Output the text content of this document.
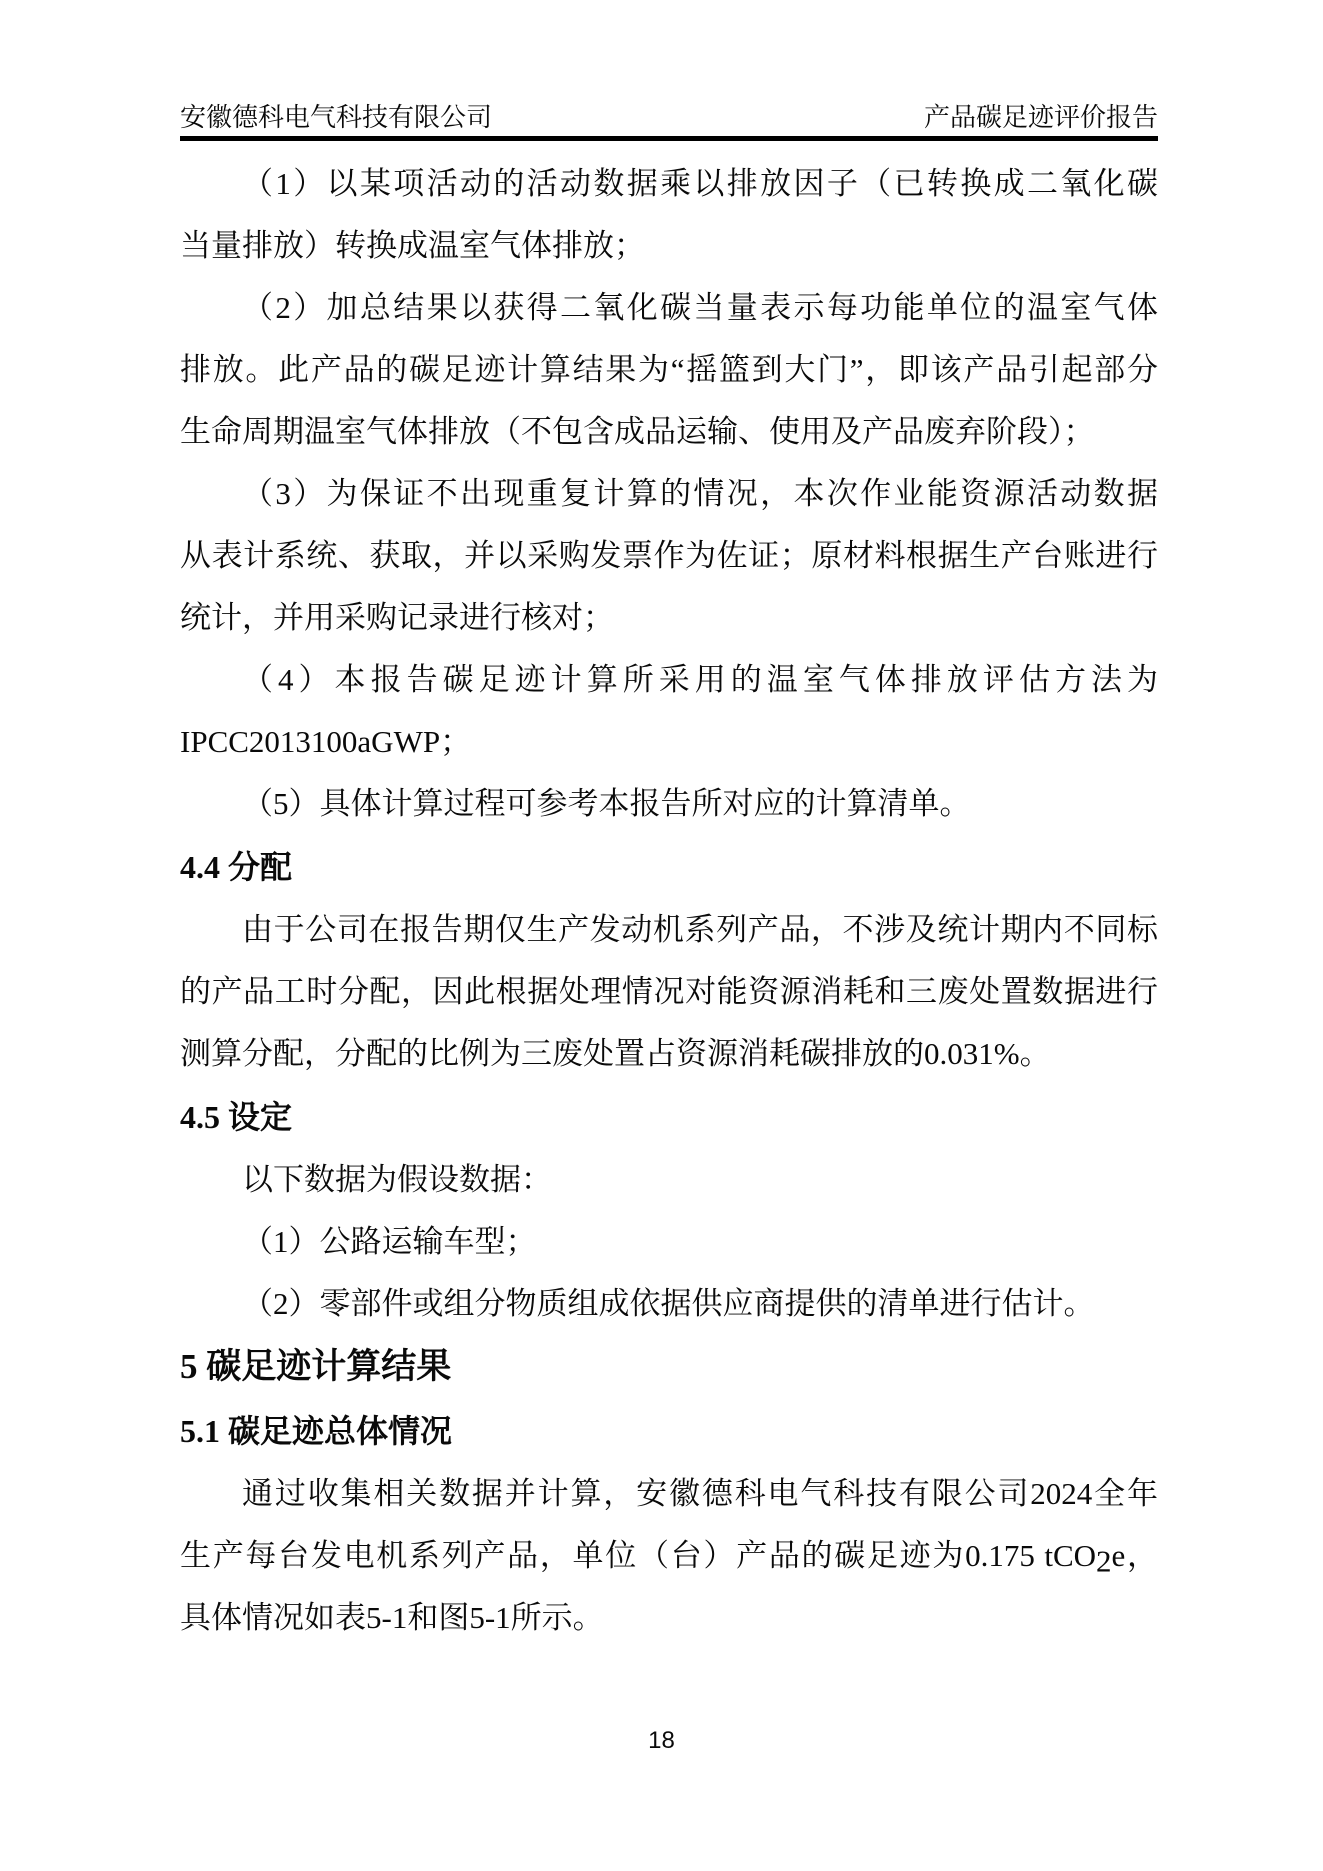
安徽德科电气科技有限公司	产品碳足迹评价报告
（1）以某项活动的活动数据乘以排放因子（已转换成二氧化碳
当量排放）转换成温室气体排放；
（2）加总结果以获得二氧化碳当量表示每功能单位的温室气体
排放。此产品的碳足迹计算结果为“摇篮到大门”，即该产品引起部分
生命周期温室气体排放（不包含成品运输、使用及产品废弃阶段）；
（3）为保证不出现重复计算的情况，本次作业能资源活动数据
从表计系统、获取，并以采购发票作为佐证；原材料根据生产台账进行
统计，并用采购记录进行核对；
（4）本报告碳足迹计算所采用的温室气体排放评估方法为
IPCC2013100aGWP；
（5）具体计算过程可参考本报告所对应的计算清单。
4.4 分配
由于公司在报告期仅生产发动机系列产品，不涉及统计期内不同标
的产品工时分配，因此根据处理情况对能资源消耗和三废处置数据进行
测算分配，分配的比例为三废处置占资源消耗碳排放的0.031%。
4.5 设定
以下数据为假设数据：
（1）公路运输车型；
（2）零部件或组分物质组成依据供应商提供的清单进行估计。
5 碳足迹计算结果
5.1 碳足迹总体情况
通过收集相关数据并计算，安徽德科电气科技有限公司2024全年
生产每台发电机系列产品，单位（台）产品的碳足迹为0.175 tCO2e，
具体情况如表5-1和图5-1所示。
18
